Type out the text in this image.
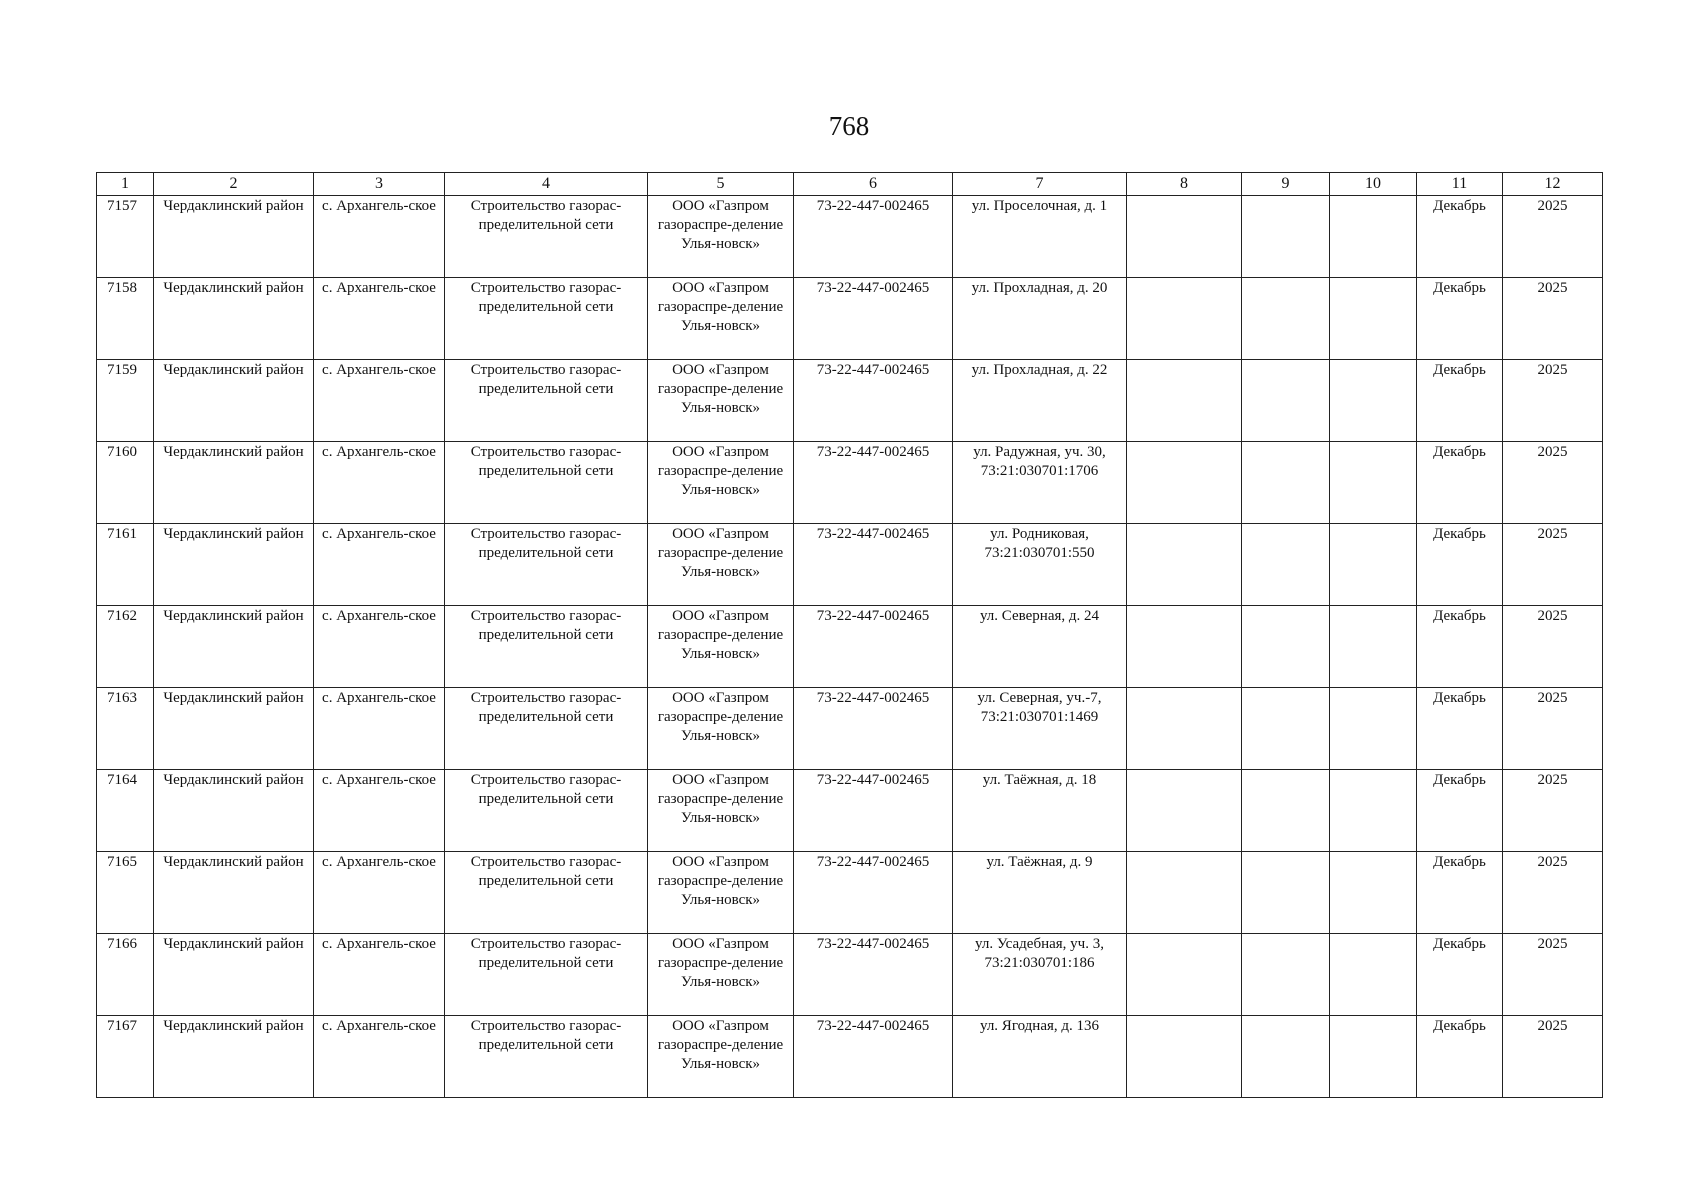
768
1	2	3	4	5	6	7	8	9	10	11	12
7157	Чердаклинский район	с. Архангель-ское	Строительство газорас-пределительной сети	ООО «Газпром газораспре-деление Улья-новск»	73-22-447-002465	ул. Проселочная, д. 1				Декабрь	2025
7158	Чердаклинский район	с. Архангель-ское	Строительство газорас-пределительной сети	ООО «Газпром газораспре-деление Улья-новск»	73-22-447-002465	ул. Прохладная, д. 20				Декабрь	2025
7159	Чердаклинский район	с. Архангель-ское	Строительство газорас-пределительной сети	ООО «Газпром газораспре-деление Улья-новск»	73-22-447-002465	ул. Прохладная, д. 22				Декабрь	2025
7160	Чердаклинский район	с. Архангель-ское	Строительство газорас-пределительной сети	ООО «Газпром газораспре-деление Улья-новск»	73-22-447-002465	ул. Радужная, уч. 30, 73:21:030701:1706				Декабрь	2025
7161	Чердаклинский район	с. Архангель-ское	Строительство газорас-пределительной сети	ООО «Газпром газораспре-деление Улья-новск»	73-22-447-002465	ул. Родниковая, 73:21:030701:550				Декабрь	2025
7162	Чердаклинский район	с. Архангель-ское	Строительство газорас-пределительной сети	ООО «Газпром газораспре-деление Улья-новск»	73-22-447-002465	ул. Северная, д. 24				Декабрь	2025
7163	Чердаклинский район	с. Архангель-ское	Строительство газорас-пределительной сети	ООО «Газпром газораспре-деление Улья-новск»	73-22-447-002465	ул. Северная, уч.-7, 73:21:030701:1469				Декабрь	2025
7164	Чердаклинский район	с. Архангель-ское	Строительство газорас-пределительной сети	ООО «Газпром газораспре-деление Улья-новск»	73-22-447-002465	ул. Таёжная, д. 18				Декабрь	2025
7165	Чердаклинский район	с. Архангель-ское	Строительство газорас-пределительной сети	ООО «Газпром газораспре-деление Улья-новск»	73-22-447-002465	ул. Таёжная, д. 9				Декабрь	2025
7166	Чердаклинский район	с. Архангель-ское	Строительство газорас-пределительной сети	ООО «Газпром газораспре-деление Улья-новск»	73-22-447-002465	ул. Усадебная, уч. 3, 73:21:030701:186				Декабрь	2025
7167	Чердаклинский район	с. Архангель-ское	Строительство газорас-пределительной сети	ООО «Газпром газораспре-деление Улья-новск»	73-22-447-002465	ул. Ягодная, д. 136				Декабрь	2025
